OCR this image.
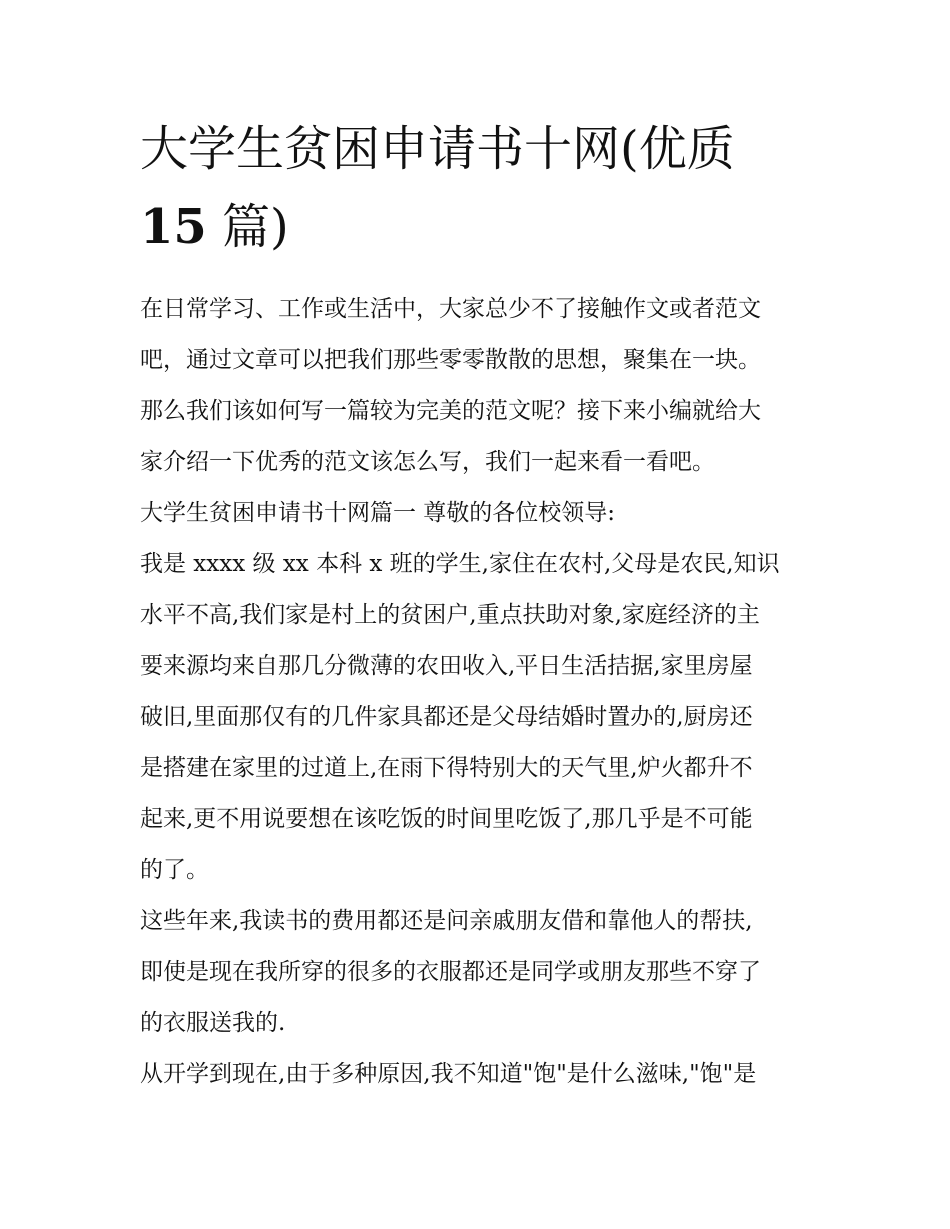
大学生贫困申请书十网(优质
15 篇)

在日常学习、工作或生活中，大家总少不了接触作文或者范文
吧，通过文章可以把我们那些零零散散的思想，聚集在一块。
那么我们该如何写一篇较为完美的范文呢？接下来小编就给大
家介绍一下优秀的范文该怎么写，我们一起来看一看吧。

大学生贫困申请书十网篇一 尊敬的各位校领导:

我是 xxxx 级 xx 本科 x 班的学生,家住在农村,父母是农民,知识
水平不高,我们家是村上的贫困户,重点扶助对象,家庭经济的主
要来源均来自那几分微薄的农田收入,平日生活拮据,家里房屋
破旧,里面那仅有的几件家具都还是父母结婚时置办的,厨房还
是搭建在家里的过道上,在雨下得特别大的天气里,炉火都升不
起来,更不用说要想在该吃饭的时间里吃饭了,那几乎是不可能
的了。

这些年来,我读书的费用都还是问亲戚朋友借和靠他人的帮扶,
即使是现在我所穿的很多的衣服都还是同学或朋友那些不穿了
的衣服送我的.

从开学到现在,由于多种原因,我不知道"饱"是什么滋味,"饱"是
